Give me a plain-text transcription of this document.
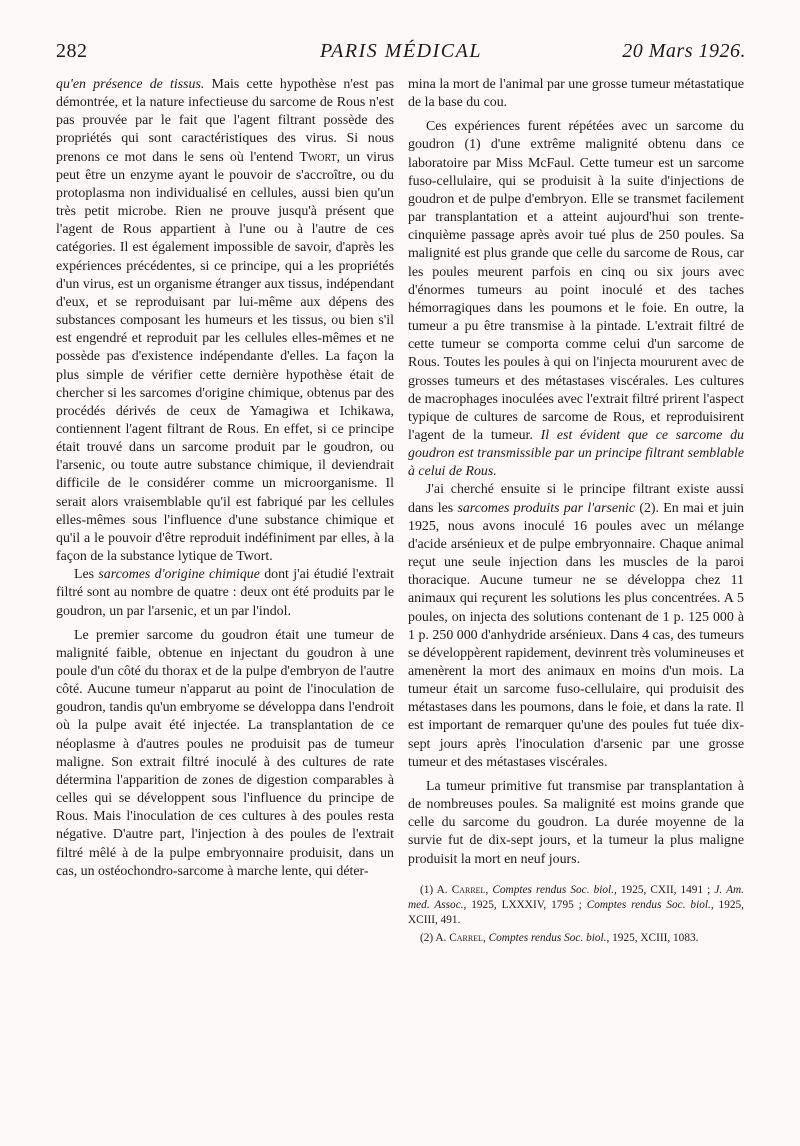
282	PARIS MÉDICAL	20 Mars 1926.

qu'en présence de tissus. Mais cette hypothèse n'est pas démontrée, et la nature infectieuse du sarcome de Rous n'est pas prouvée par le fait que l'agent filtrant possède des propriétés qui sont caractéristiques des virus. Si nous prenons ce mot dans le sens où l'entend Twort, un virus peut être un enzyme ayant le pouvoir de s'accroître, ou du protoplasma non individualisé en cellules, aussi bien qu'un très petit microbe. Rien ne prouve jusqu'à présent que l'agent de Rous appartient à l'une ou à l'autre de ces catégories. Il est également impossible de savoir, d'après les expériences précédentes, si ce principe, qui a les propriétés d'un virus, est un organisme étranger aux tissus, indépendant d'eux, et se reproduisant par lui-même aux dépens des substances composant les humeurs et les tissus, ou bien s'il est engendré et reproduit par les cellules elles-mêmes et ne possède pas d'existence indépendante d'elles. La façon la plus simple de vérifier cette dernière hypothèse était de chercher si les sarcomes d'origine chimique, obtenus par des procédés dérivés de ceux de Yamagiwa et Ichikawa, contiennent l'agent filtrant de Rous. En effet, si ce principe était trouvé dans un sarcome produit par le goudron, ou l'arsenic, ou toute autre substance chimique, il deviendrait difficile de le considérer comme un microorganisme. Il serait alors vraisemblable qu'il est fabriqué par les cellules elles-mêmes sous l'influence d'une substance chimique et qu'il a le pouvoir d'être reproduit indéfiniment par elles, à la façon de la substance lytique de Twort.

Les sarcomes d'origine chimique dont j'ai étudié l'extrait filtré sont au nombre de quatre : deux ont été produits par le goudron, un par l'arsenic, et un par l'indol.

Le premier sarcome du goudron était une tumeur de malignité faible, obtenue en injectant du goudron à une poule d'un côté du thorax et de la pulpe d'embryon de l'autre côté. Aucune tumeur n'apparut au point de l'inoculation de goudron, tandis qu'un embryome se développa dans l'endroit où la pulpe avait été injectée. La transplantation de ce néoplasme à d'autres poules ne produisit pas de tumeur maligne. Son extrait filtré inoculé à des cultures de rate détermina l'apparition de zones de digestion comparables à celles qui se développent sous l'influence du principe de Rous. Mais l'inoculation de ces cultures à des poules resta négative. D'autre part, l'injection à des poules de l'extrait filtré mêlé à de la pulpe embryonnaire produisit, dans un cas, un ostéochondro-sarcome à marche lente, qui déter-

mina la mort de l'animal par une grosse tumeur métastatique de la base du cou.

Ces expériences furent répétées avec un sarcome du goudron (1) d'une extrême malignité obtenu dans ce laboratoire par Miss McFaul. Cette tumeur est un sarcome fuso-cellulaire, qui se produisit à la suite d'injections de goudron et de pulpe d'embryon. Elle se transmet facilement par transplantation et a atteint aujourd'hui son trente-cinquième passage après avoir tué plus de 250 poules. Sa malignité est plus grande que celle du sarcome de Rous, car les poules meurent parfois en cinq ou six jours avec d'énormes tumeurs au point inoculé et des taches hémorragiques dans les poumons et le foie. En outre, la tumeur a pu être transmise à la pintade. L'extrait filtré de cette tumeur se comporta comme celui d'un sarcome de Rous. Toutes les poules à qui on l'injecta moururent avec de grosses tumeurs et des métastases viscérales. Les cultures de macrophages inoculées avec l'extrait filtré prirent l'aspect typique de cultures de sarcome de Rous, et reproduisirent l'agent de la tumeur. Il est évident que ce sarcome du goudron est transmissible par un principe filtrant semblable à celui de Rous.

J'ai cherché ensuite si le principe filtrant existe aussi dans les sarcomes produits par l'arsenic (2). En mai et juin 1925, nous avons inoculé 16 poules avec un mélange d'acide arsénieux et de pulpe embryonnaire. Chaque animal reçut une seule injection dans les muscles de la paroi thoracique. Aucune tumeur ne se développa chez 11 animaux qui reçurent les solutions les plus concentrées. A 5 poules, on injecta des solutions contenant de 1 p. 125 000 à 1 p. 250 000 d'anhydride arsénieux. Dans 4 cas, des tumeurs se développèrent rapidement, devinrent très volumineuses et amenèrent la mort des animaux en moins d'un mois. La tumeur était un sarcome fuso-cellulaire, qui produisit des métastases dans les poumons, dans le foie, et dans la rate. Il est important de remarquer qu'une des poules fut tuée dix-sept jours après l'inoculation d'arsenic par une grosse tumeur et des métastases viscérales.

La tumeur primitive fut transmise par transplantation à de nombreuses poules. Sa malignité est moins grande que celle du sarcome du goudron. La durée moyenne de la survie fut de dix-sept jours, et la tumeur la plus maligne produisit la mort en neuf jours.

(1) A. Carrel, Comptes rendus Soc. biol., 1925, CXII, 1491 ; J. Am. med. Assoc., 1925, LXXXIV, 1795 ; Comptes rendus Soc. biol., 1925, XCIII, 491.

(2) A. Carrel, Comptes rendus Soc. biol., 1925, XCIII, 1083.
